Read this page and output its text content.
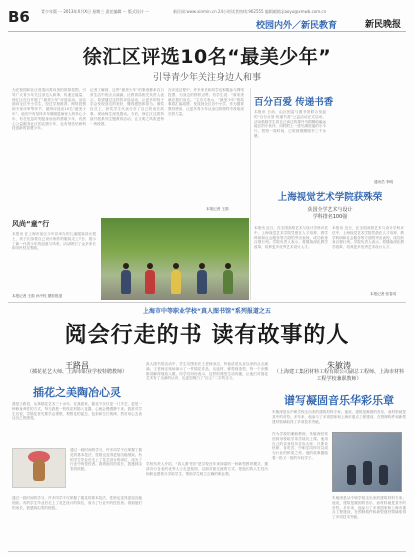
B6	青少年版 ··· 2013年X月X日 星期三 责任编辑 ··· 版式设计 ···	新民网:www.xinmin.cn 24小时读者热线:962555 编辑邮箱:jiaoyu@xmwb.com.cn
校园内外／新民教育	新民晚报
徐汇区评选10名“最美少年”
引导青少年关注身边人和事
为在校园和社区营造向善向美的浓厚氛围，引导广大青少年关注身边人和事，传递正能量，徐汇区近日开展了“最美少年”评选活动。活动面向全区中小学生，经过学校推荐、网络投票和专家评审等环节，最终评选出10名“最美少年”。他们中有坚持多年照顾患病家人的孝心少年，有在危急时刻挺身而出的勇敢少年，有热心公益服务社区的志愿少年，也有刻苦钻研科技创新的智慧少年。
记者了解到，这些“最美少年”的事迹都来自日常生活中的点点滴滴。区教育局相关负责人表示，希望通过这样的评选活动，让更多的孩子学会发现身边的美好，懂得感恩和担当。颁奖仪式上，获奖学生代表分享了自己的成长故事，现场师生深受感动。今后，徐汇区还将持续开展系列主题教育活动，让文明之风吹进每一所校园。
在评选过程中，许多家长和同学也积极参与网络投票，为身边的榜样点赞。有学生说：“原来美就在我们身边。”主办方表示，“最美少年”的故事将汇编成册，发放到全区各中小学，作为德育教材使用，让更多青少年从身边的榜样中汲取成长的力量。
本报记者 王蔚
百分百爱 传递书香
本报讯 日前，由区团委与图书馆联合发起的“百分百爱·传递书香”公益活动正式启动。活动鼓励学生将自己读过的课外书捐赠给偏远地区的小伙伴，同时附上一张写满祝福的小卡片。短短一周时间，已收到捐赠图书三千余册。
通讯员 李明
上海视觉艺术学院获殊荣
获国全学艺术与设计
学科排名100强
本报讯 近日，在全国高校艺术与设计学科评估中，上海视觉艺术学院凭借在人才培养、教学科研和社会服务等方面的突出表现，成功跻身百强行列。学院负责人表示，将继续深化教学改革，培养更多优秀艺术设计人才。
本报讯 近日，在全国高校艺术与设计学科评估中，上海视觉艺术学院凭借在人才培养、教学科研和社会服务等方面的突出表现，成功跻身百强行列。学院负责人表示，将继续深化教学改革，培养更多优秀艺术设计人才。
本报记者 张春英
风尚“童”行
本报讯 在上海市某区少年宫举办的儿童服装设计展上，孩子们身着自己设计制作的服装走上T台，展示了新一代青少年的创意与风采。活动吸引了众多家长和市民驻足观看。
本报记者 王蔚 孙中钦 摄影报道
上海市中等职业学校“真人图书馆”系列报道之五
阅会行走的书 读有故事的人
王路昌
（插花花艺大师、上海市职业学校特聘教师）
插花之美陶冶心灵
我是王路昌，从事插花艺术三十余年。在我看来，插花不仅仅是一门手艺，更是一种修身养性的方式。每当我把一枝枝花材插入花器，心就会慢慢静下来。我常对学生们说，学插花首先要学会观察，观察花的姿态、色彩和生长规律，然后用心去表达自己的感受。
通过一段时间的学习，许多同学不仅掌握了插花的基本技法，性格也变得更加沉稳细致。有的学生毕业后走上了花艺设计的岗位，成为了行业中的佼佼者。看到他们的成长，我感到由衷的欣慰。
通过一段时间的学习，许多同学不仅掌握了插花的基本技法，性格也变得更加沉稳细致。有的学生毕业后走上了花艺设计的岗位，成为了行业中的佼佼者。看到他们的成长，我感到由衷的欣慰。
真人图书馆活动中，学生们围坐在王老师身边，听他讲述从业以来的点点滴滴。王老师还现场演示了一件插花作品，从选材、修剪到造型，每一个步骤都讲解得细致入微。同学们纷纷表示，这样的课堂生动有趣，让他们对插花艺术有了全新的认识，也更加明白了“匠心”二字的含义。
学校负责人介绍，“真人图书馆”是学校近年来探索的一种新型教育模式，邀请各行各业的优秀人士走进校园，以面对面交流的方式，把他们的人生经历和职业感悟分享给学生，帮助学生树立正确的职业观。
朱敏涛
（上海建工集团材料工程有限公司副总工程师、上海市材料工程学校兼职教师）
谱写凝固音乐华彩乐章
朱敏涛是从中职学校走出来的建筑材料专家。他说，建筑是凝固的音乐，而材料就是其中的音符。多年来，他参与了多项国家和上海市重点工程建设，在预制构件和新型建材领域取得了多项技术突破。
作为学校的兼职教师，朱敏涛经常回到母校给学弟学妹们上课。他用自己的亲身经历告诉大家：只要肯钻研、肯吃苦，中职生同样可以成为行业的栋梁之材。他的故事激励着一批又一批的年轻学子。
朱敏涛是从中职学校走出来的建筑材料专家。他说，建筑是凝固的音乐，而材料就是其中的音符。多年来，他参与了多项国家和上海市重点工程建设，在预制构件和新型建材领域取得了多项技术突破。
